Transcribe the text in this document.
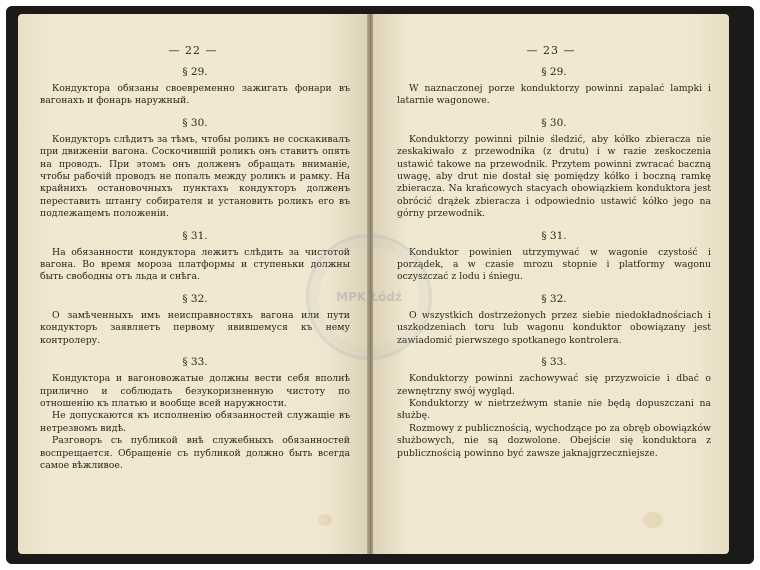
— 22 —
§ 29.

Кондуктора обязаны своевременно зажигать фонари въ вагонахъ и фонарь наружный.

§ 30.

Кондукторъ слѣдитъ за тѣмъ, чтобы роликъ не соскакивалъ при движеніи вагона. Соскочившій роликъ онъ ставитъ опять на проводъ. При этомъ онъ долженъ обращать вниманіе, чтобы рабочій проводъ не попалъ между роликъ и рамку. На крайнихъ остановочныхъ пунктахъ кондукторъ долженъ переставить штангу собирателя и установить роликъ его въ подлежащемъ положеніи.

§ 31.

На обязанности кондуктора лежитъ слѣдить за чистотой вагона. Во время мороза платформы и ступеньки должны быть свободны отъ льда и снѣга.

§ 32.

О замѣченныхъ имъ неисправностяхъ вагона или пути кондукторъ заявляетъ первому явившемуся къ нему контролеру.

§ 33.

Кондуктора и вагоновожатые должны вести себя вполнѣ прилично и соблюдать безукоризненную чистоту по отношенію къ платью и вообще всей наружности.

Не допускаются къ исполненію обязанностей служащіе въ нетрезвомъ видѣ.

Разговоръ съ публикой внѣ служебныхъ обязанностей воспрещается. Обращеніе съ публикой должно быть всегда самое вѣжливое.

— 23 —
§ 29.

W naznaczonej porze konduktorzy powinni zapalać lampki i latarnie wagonowe.

§ 30.

Konduktorzy powinni pilnie śledzić, aby kółko zbieracza nie zeskakiwało z przewodnika (z drutu) i w razie zeskoczenia ustawić takowe na przewodnik. Przytem powinni zwracać baczną uwagę, aby drut nie dostał się pomiędzy kółko i boczną ramkę zbieracza. Na krańcowych stacyach obowiązkiem konduktora jest obrócić drążek zbieracza i odpowiednio ustawić kółko jego na górny przewodnik.

§ 31.

Konduktor powinien utrzymywać w wagonie czystość i porządek, a w czasie mrozu stopnie i platformy wagonu oczyszczać z lodu i śniegu.

§ 32.

O wszystkich dostrzeżonych przez siebie niedokładnościach i uszkodzeniach toru lub wagonu konduktor obowiązany jest zawiadomić pierwszego spotkanego kontrolera.

§ 33.

Konduktorzy powinni zachowywać się przyzwoicie i dbać o zewnętrzny swój wygląd.

Konduktorzy w nietrzeźwym stanie nie będą dopuszczani na służbę.

Rozmowy z publicznością, wychodzące po za obręb obowiązków służbowych, nie są dozwolone. Obejście się konduktora z publicznością powinno być zawsze jaknajgrzeczniejsze.

MPK Łódź
